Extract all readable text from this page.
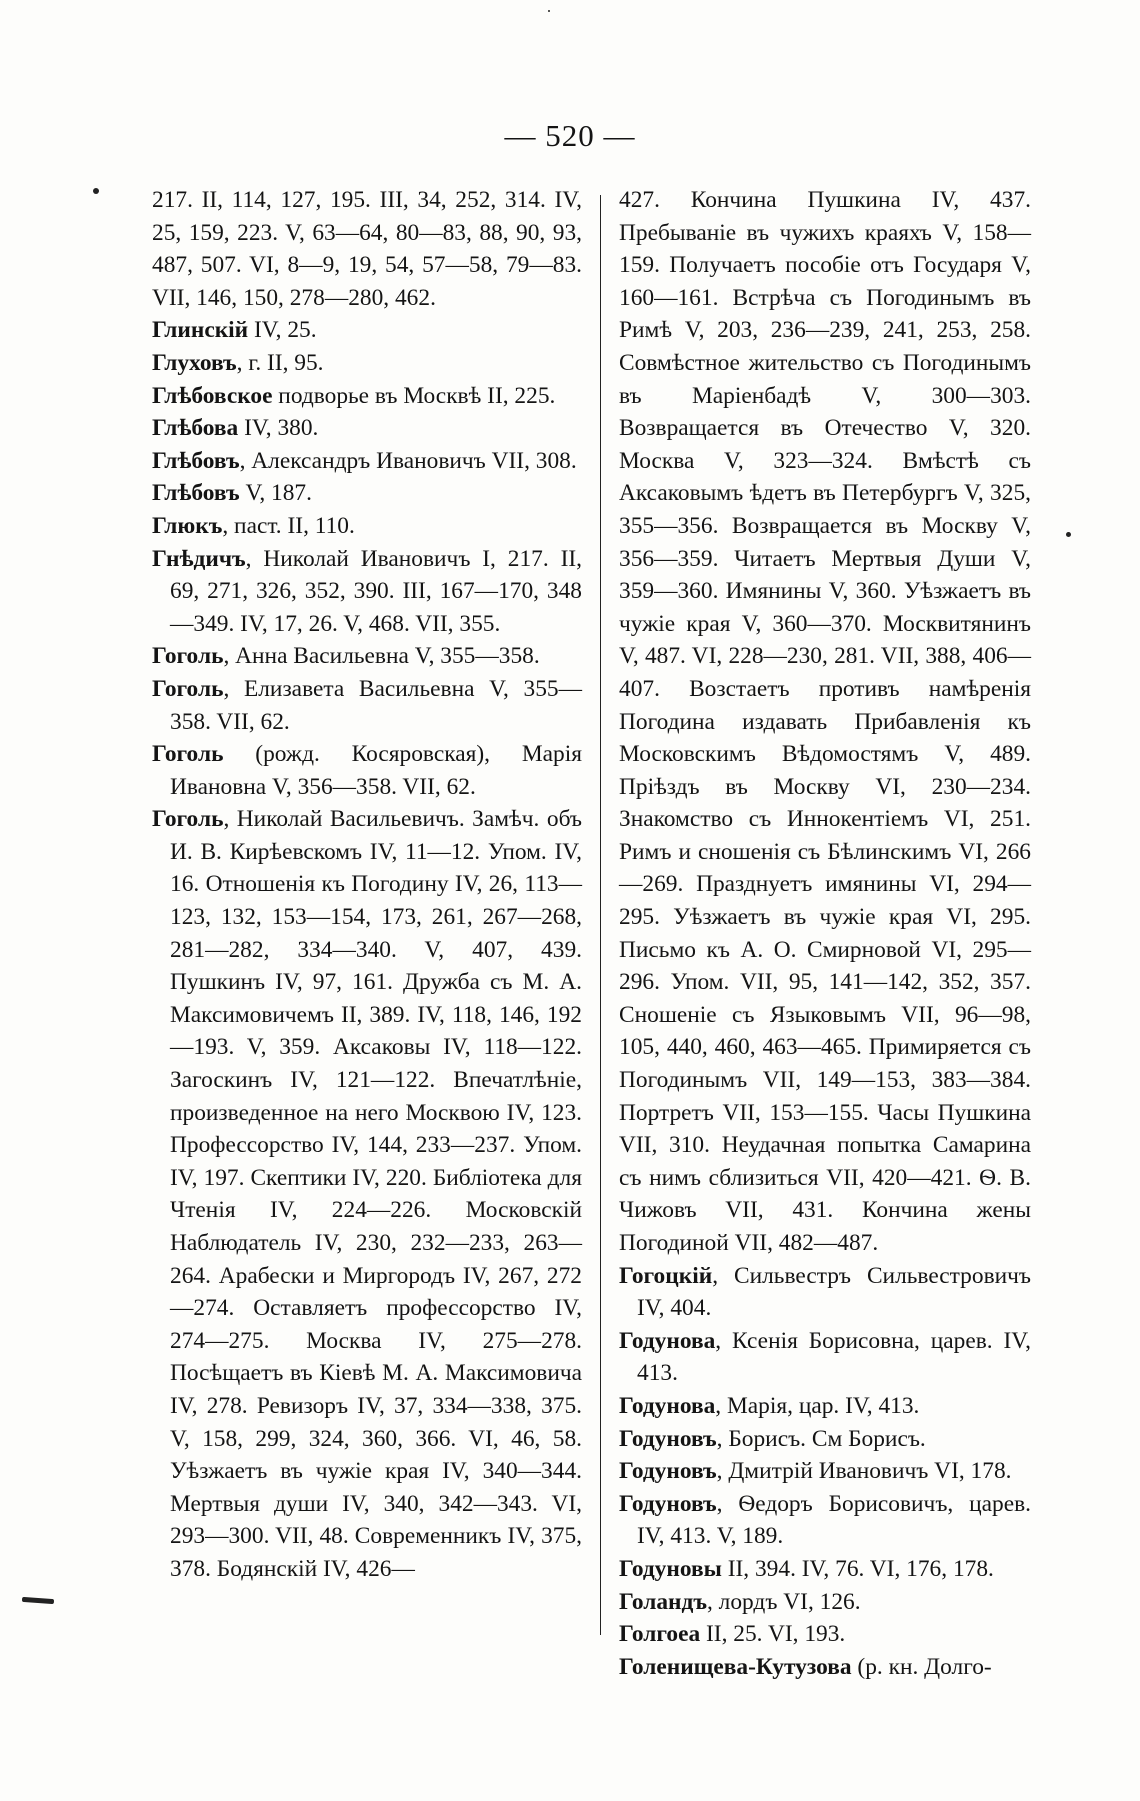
— 520 —

217. II, 114, 127, 195. III, 34, 252, 314. IV, 25, 159, 223. V, 63—64, 80—83, 88, 90, 93, 487, 507. VI, 8—9, 19, 54, 57—58, 79—83. VII, 146, 150, 278—280, 462.

Глинскій IV, 25.

Глуховъ, г. II, 95.

Глѣбовское подворье въ Москвѣ II, 225.

Глѣбова IV, 380.

Глѣбовъ, Александръ Ивановичъ VII, 308.

Глѣбовъ V, 187.

Глюкъ, паст. II, 110.

Гнѣдичъ, Николай Ивановичъ I, 217. II, 69, 271, 326, 352, 390. III, 167—170, 348—349. IV, 17, 26. V, 468. VII, 355.

Гоголь, Анна Васильевна V, 355—358.

Гоголь, Елизавета Васильевна V, 355—358. VII, 62.

Гоголь (рожд. Косяровская), Марія Ивановна V, 356—358. VII, 62.

Гоголь, Николай Васильевичъ. Замѣч. объ И. В. Кирѣевскомъ IV, 11—12. Упом. IV, 16. Отношенія къ Погодину IV, 26, 113—123, 132, 153—154, 173, 261, 267—268, 281—282, 334—340. V, 407, 439. Пушкинъ IV, 97, 161. Дружба съ М. А. Максимовичемъ II, 389. IV, 118, 146, 192—193. V, 359. Аксаковы IV, 118—122. Загоскинъ IV, 121—122. Впечатлѣніе, произведенное на него Москвою IV, 123. Профессорство IV, 144, 233—237. Упом. IV, 197. Скептики IV, 220. Библіотека для Чтенія IV, 224—226. Московскій Наблюдатель IV, 230, 232—233, 263—264. Арабески и Миргородъ IV, 267, 272—274. Оставляетъ профессорство IV, 274—275. Москва IV, 275—278. Посѣщаетъ въ Кіевѣ М. А. Максимовича IV, 278. Ревизоръ IV, 37, 334—338, 375. V, 158, 299, 324, 360, 366. VI, 46, 58. Уѣзжаетъ въ чужіе края IV, 340—344. Мертвыя души IV, 340, 342—343. VI, 293—300. VII, 48. Современникъ IV, 375, 378. Бодянскій IV, 426—

427. Кончина Пушкина IV, 437. Пребываніе въ чужихъ краяхъ V, 158—159. Получаетъ пособіе отъ Государя V, 160—161. Встрѣча съ Погодинымъ въ Римѣ V, 203, 236—239, 241, 253, 258. Совмѣстное жительство съ Погодинымъ въ Маріенбадѣ V, 300—303. Возвращается въ Отечество V, 320. Москва V, 323—324. Вмѣстѣ съ Аксаковымъ ѣдетъ въ Петербургъ V, 325, 355—356. Возвращается въ Москву V, 356—359. Читаетъ Мертвыя Души V, 359—360. Имянины V, 360. Уѣзжаетъ въ чужіе края V, 360—370. Москвитянинъ V, 487. VI, 228—230, 281. VII, 388, 406—407. Возстаетъ противъ намѣренія Погодина издавать Прибавленія къ Московскимъ Вѣдомостямъ V, 489. Пріѣздъ въ Москву VI, 230—234. Знакомство съ Иннокентіемъ VI, 251. Римъ и сношенія съ Бѣлинскимъ VI, 266—269. Празднуетъ имянины VI, 294—295. Уѣзжаетъ въ чужіе края VI, 295. Письмо къ А. О. Смирновой VI, 295—296. Упом. VII, 95, 141—142, 352, 357. Сношеніе съ Языковымъ VII, 96—98, 105, 440, 460, 463—465. Примиряется съ Погодинымъ VII, 149—153, 383—384. Портретъ VII, 153—155. Часы Пушкина VII, 310. Неудачная попытка Самарина съ нимъ сблизиться VII, 420—421. Ѳ. В. Чижовъ VII, 431. Кончина жены Погодиной VII, 482—487.

Гогоцкій, Сильвестръ Сильвестровичъ IV, 404.

Годунова, Ксенія Борисовна, царев. IV, 413.

Годунова, Марія, цар. IV, 413.

Годуновъ, Борисъ. См Борисъ.

Годуновъ, Дмитрій Ивановичъ VI, 178.

Годуновъ, Ѳедоръ Борисовичъ, царев. IV, 413. V, 189.

Годуновы II, 394. IV, 76. VI, 176, 178.

Голандъ, лордъ VI, 126.

Голгоеа II, 25. VI, 193.

Голенищева-Кутузова (р. кн. Долго-
